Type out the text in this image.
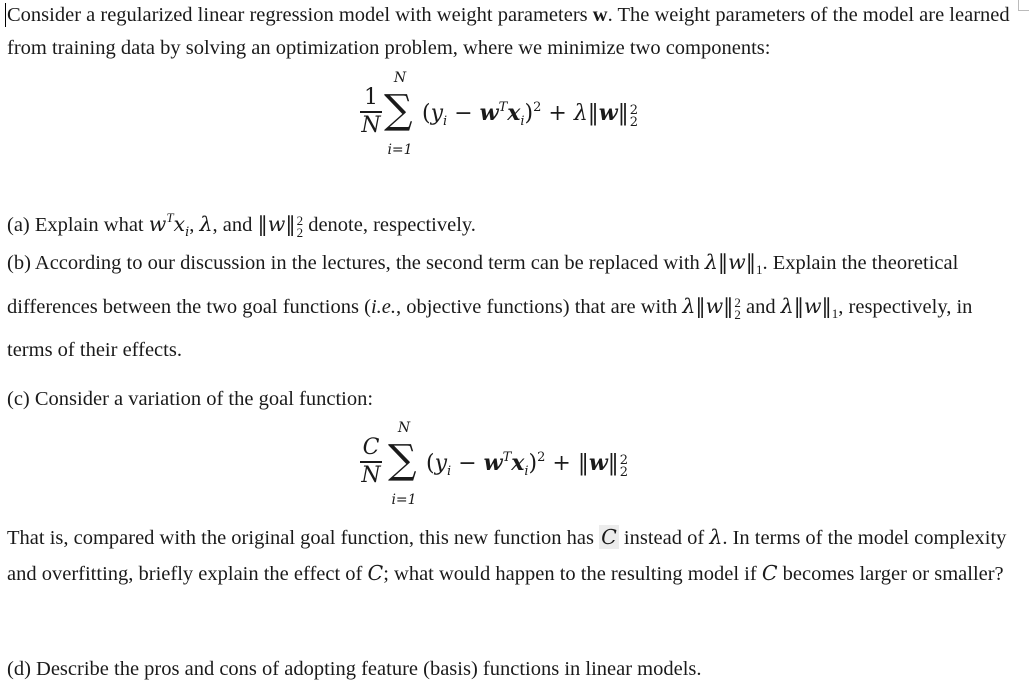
Consider a regularized linear regression model with weight parameters w. The weight parameters of the model are learned from training data by solving an optimization problem, where we minimize two components:

1
N
N
∑
i=1
$(y_i - w^Tx_i)^2$ + λ‖w‖ 2
2

(a) Explain what $w^Tx_i$, λ, and ‖w‖ 2
2 denote, respectively.

(b) According to our discussion in the lectures, the second term can be replaced with $\lambda‖w‖_1$. Explain the theoretical differences between the two goal functions (i.e., objective functions) that are with λ‖w‖ 2
2 and $\lambda‖w‖_1$, respectively, in terms of their effects.

(c) Consider a variation of the goal function:

C
N
N
∑
i=1
$(y_i - w^Tx_i)^2$ + ‖w‖ 2
2

That is, compared with the original goal function, this new function has C instead of λ. In terms of the model complexity and overfitting, briefly explain the effect of C; what would happen to the resulting model if C becomes larger or smaller?

(d) Describe the pros and cons of adopting feature (basis) functions in linear models.
